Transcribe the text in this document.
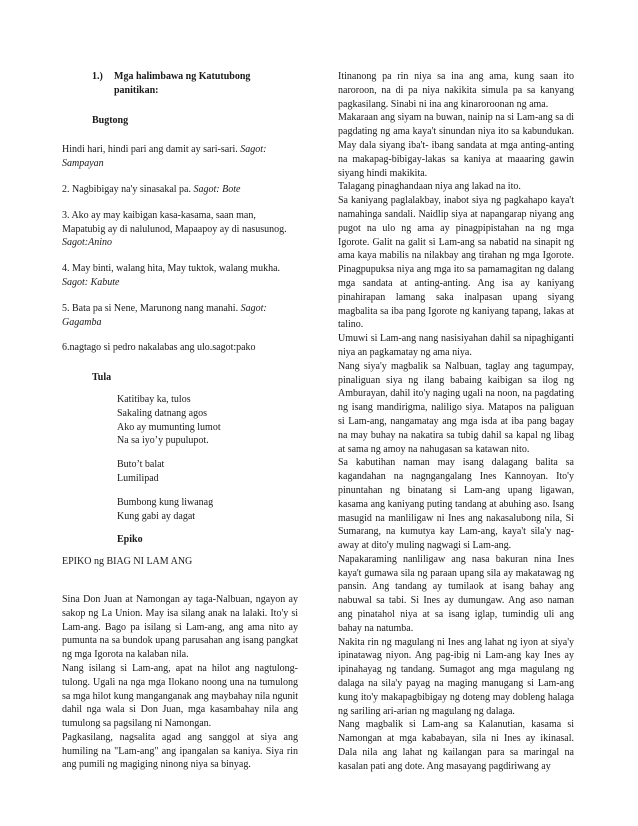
1.)	Mga halimbawa ng Katutubong panitikan:

Bugtong

Hindi hari, hindi pari ang damit ay sari-sari. Sagot: Sampayan

2. Nagbibigay na'y sinasakal pa. Sagot: Bote

3. Ako ay may kaibigan kasa-kasama, saan man, Mapatubig ay di nalulunod, Mapaapoy ay di nasusunog. Sagot:Anino

4. May binti, walang hita, May tuktok, walang mukha. Sagot: Kabute

5. Bata pa si Nene, Marunong nang manahi. Sagot: Gagamba

6.nagtago si pedro nakalabas ang ulo.sagot:pako

Tula

Katitibay ka, tulos

Sakaling datnang agos

Ako ay mumunting lumot

Na sa iyo’y pupulupot.

Buto’t balat

Lumilipad

Bumbong kung liwanag

Kung gabi ay dagat

Epiko

EPIKO ng BIAG NI LAM ANG

Sina Don Juan at Namongan ay taga-Nalbuan, ngayon ay sakop ng La Union. May isa silang anak na lalaki. Ito'y si Lam-ang. Bago pa isilang si Lam-ang, ang ama nito ay pumunta na sa bundok upang parusahan ang isang pangkat ng mga Igorota na kalaban nila.

Nang isilang si Lam-ang, apat na hilot ang nagtulong-tulong. Ugali na nga mga Ilokano noong una na tumulong sa mga hilot kung manganganak ang maybahay nila ngunit dahil nga wala si Don Juan, mga kasambahay nila ang tumulong sa pagsilang ni Namongan.

Pagkasilang, nagsalita agad ang sanggol at siya ang humiling na "Lam-ang" ang ipangalan sa kaniya. Siya rin ang pumili ng magiging ninong niya sa binyag.

Itinanong pa rin niya sa ina ang ama, kung saan ito naroroon, na di pa niya nakikita simula pa sa kanyang pagkasilang. Sinabi ni ina ang kinaroroonan ng ama.

Makaraan ang siyam na buwan, nainip na si Lam-ang sa di pagdating ng ama kaya't sinundan niya ito sa kabundukan. May dala siyang iba't- ibang sandata at mga anting-anting na makapag-bibigay-lakas sa kaniya at maaaring gawin siyang hindi makikita.

Talagang pinaghandaan niya ang lakad na ito.

Sa kaniyang paglalakbay, inabot siya ng pagkahapo kaya't namahinga sandali. Naidlip siya at napangarap niyang ang pugot na ulo ng ama ay pinagpipistahan na ng mga Igorote. Galit na galit si Lam-ang sa nabatid na sinapit ng ama kaya mabilis na nilakbay ang tirahan ng mga Igorote. Pinagpupuksa niya ang mga ito sa pamamagitan ng dalang mga sandata at anting-anting. Ang isa ay kaniyang pinahirapan lamang saka inalpasan upang siyang magbalita sa iba pang Igorote ng kaniyang tapang, lakas at talino.

Umuwi si Lam-ang nang nasisiyahan dahil sa nipaghiganti niya an pagkamatay ng ama niya.

Nang siya'y magbalik sa Nalbuan, taglay ang tagumpay, pinaliguan siya ng ilang babaing kaibigan sa ilog ng Amburayan, dahil ito'y naging ugali na noon, na pagdating ng isang mandirigma, naliligo siya. Matapos na paliguan si Lam-ang, nangamatay ang mga isda at iba pang bagay na may buhay na nakatira sa tubig dahil sa kapal ng libag at sama ng amoy na nahugasan sa katawan nito.

Sa kabutihan naman may isang dalagang balita sa kagandahan na nagngangalang Ines Kannoyan. Ito'y pinuntahan ng binatang si Lam-ang upang ligawan, kasama ang kaniyang puting tandang at abuhing aso. Isang masugid na manliligaw ni Ines ang nakasalubong nila, Si Sumarang, na kumutya kay Lam-ang, kaya't sila'y nag-away at dito'y muling nagwagi si Lam-ang.

Napakaraming nanliligaw ang nasa bakuran nina Ines kaya't gumawa sila ng paraan upang sila ay makatawag ng pansin. Ang tandang ay tumilaok at isang bahay ang nabuwal sa tabi. Si Ines ay dumungaw. Ang aso naman ang pinatahol niya at sa isang iglap, tumindig uli ang bahay na natumba.

Nakita rin ng magulang ni Ines ang lahat ng iyon at siya'y ipinatawag niyon. Ang pag-ibig ni Lam-ang kay Ines ay ipinahayag ng tandang. Sumagot ang mga magulang ng dalaga na sila'y payag na maging manugang si Lam-ang kung ito'y makapagbibigay ng doteng may dobleng halaga ng sariling ari-arian ng magulang ng dalaga.

Nang magbalik si Lam-ang sa Kalanutian, kasama si Namongan at mga kababayan, sila ni Ines ay ikinasal. Dala nila ang lahat ng kailangan para sa maringal na kasalan pati ang dote. Ang masayang pagdiriwang ay
